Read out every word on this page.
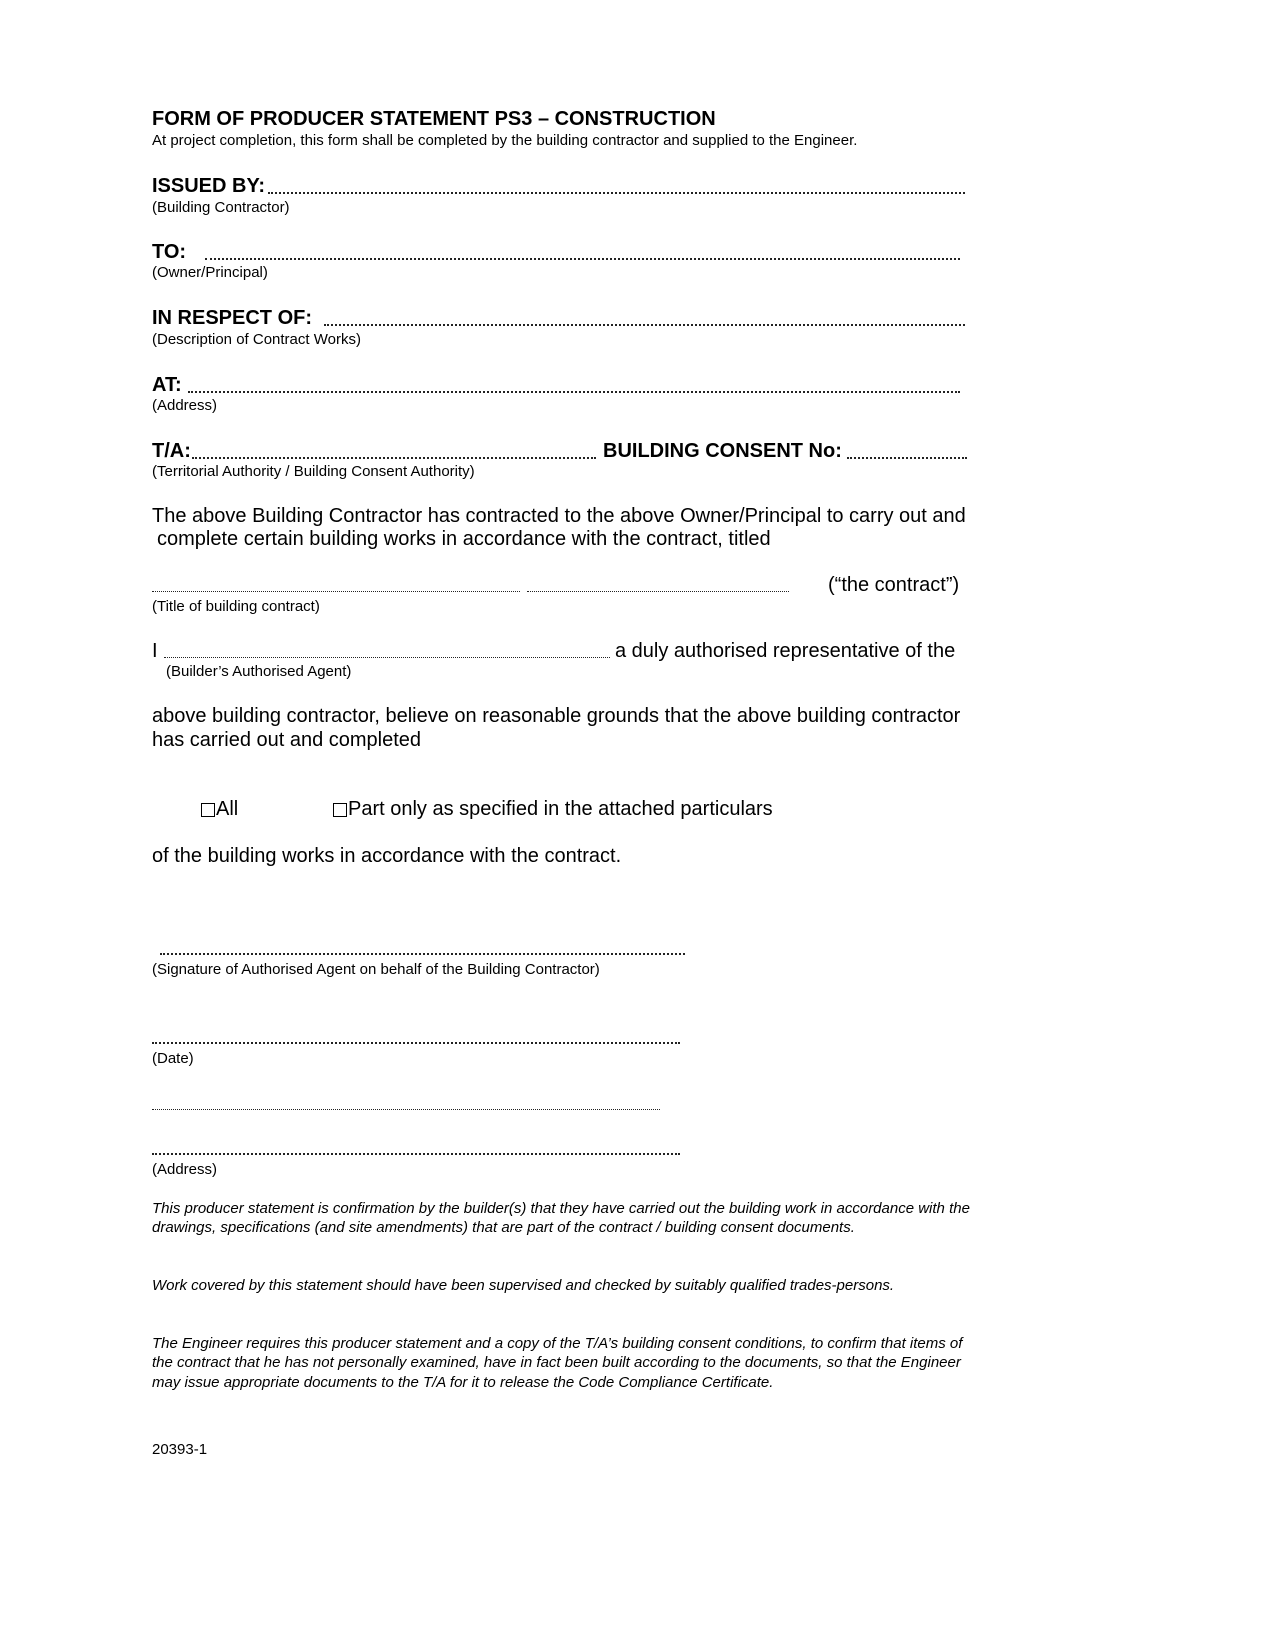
FORM OF PRODUCER STATEMENT PS3 – CONSTRUCTION
At project completion, this form shall be completed by the building contractor and supplied to the Engineer.
ISSUED BY:
(Building Contractor)
TO:
(Owner/Principal)
IN RESPECT OF:
(Description of Contract Works)
AT:
(Address)
T/A:	BUILDING CONSENT No:
(Territorial Authority / Building Consent Authority)
The above Building Contractor has contracted to the above Owner/Principal to carry out and
complete certain building works in accordance with the contract, titled
(“the contract”)
(Title of building contract)
I	a duly authorised representative of the
(Builder’s Authorised Agent)
above building contractor, believe on reasonable grounds that the above building contractor
has carried out and completed
All	Part only as specified in the attached particulars
of the building works in accordance with the contract.
(Signature of Authorised Agent on behalf of the Building Contractor)
(Date)
(Address)
This producer statement is confirmation by the builder(s) that they have carried out the building work in accordance with the drawings, specifications (and site amendments) that are part of the contract / building consent documents.
Work covered by this statement should have been supervised and checked by suitably qualified trades-persons.
The Engineer requires this producer statement and a copy of the T/A’s building consent conditions, to confirm that items of the contract that he has not personally examined, have in fact been built according to the documents, so that the Engineer may issue appropriate documents to the T/A for it to release the Code Compliance Certificate.
20393-1
